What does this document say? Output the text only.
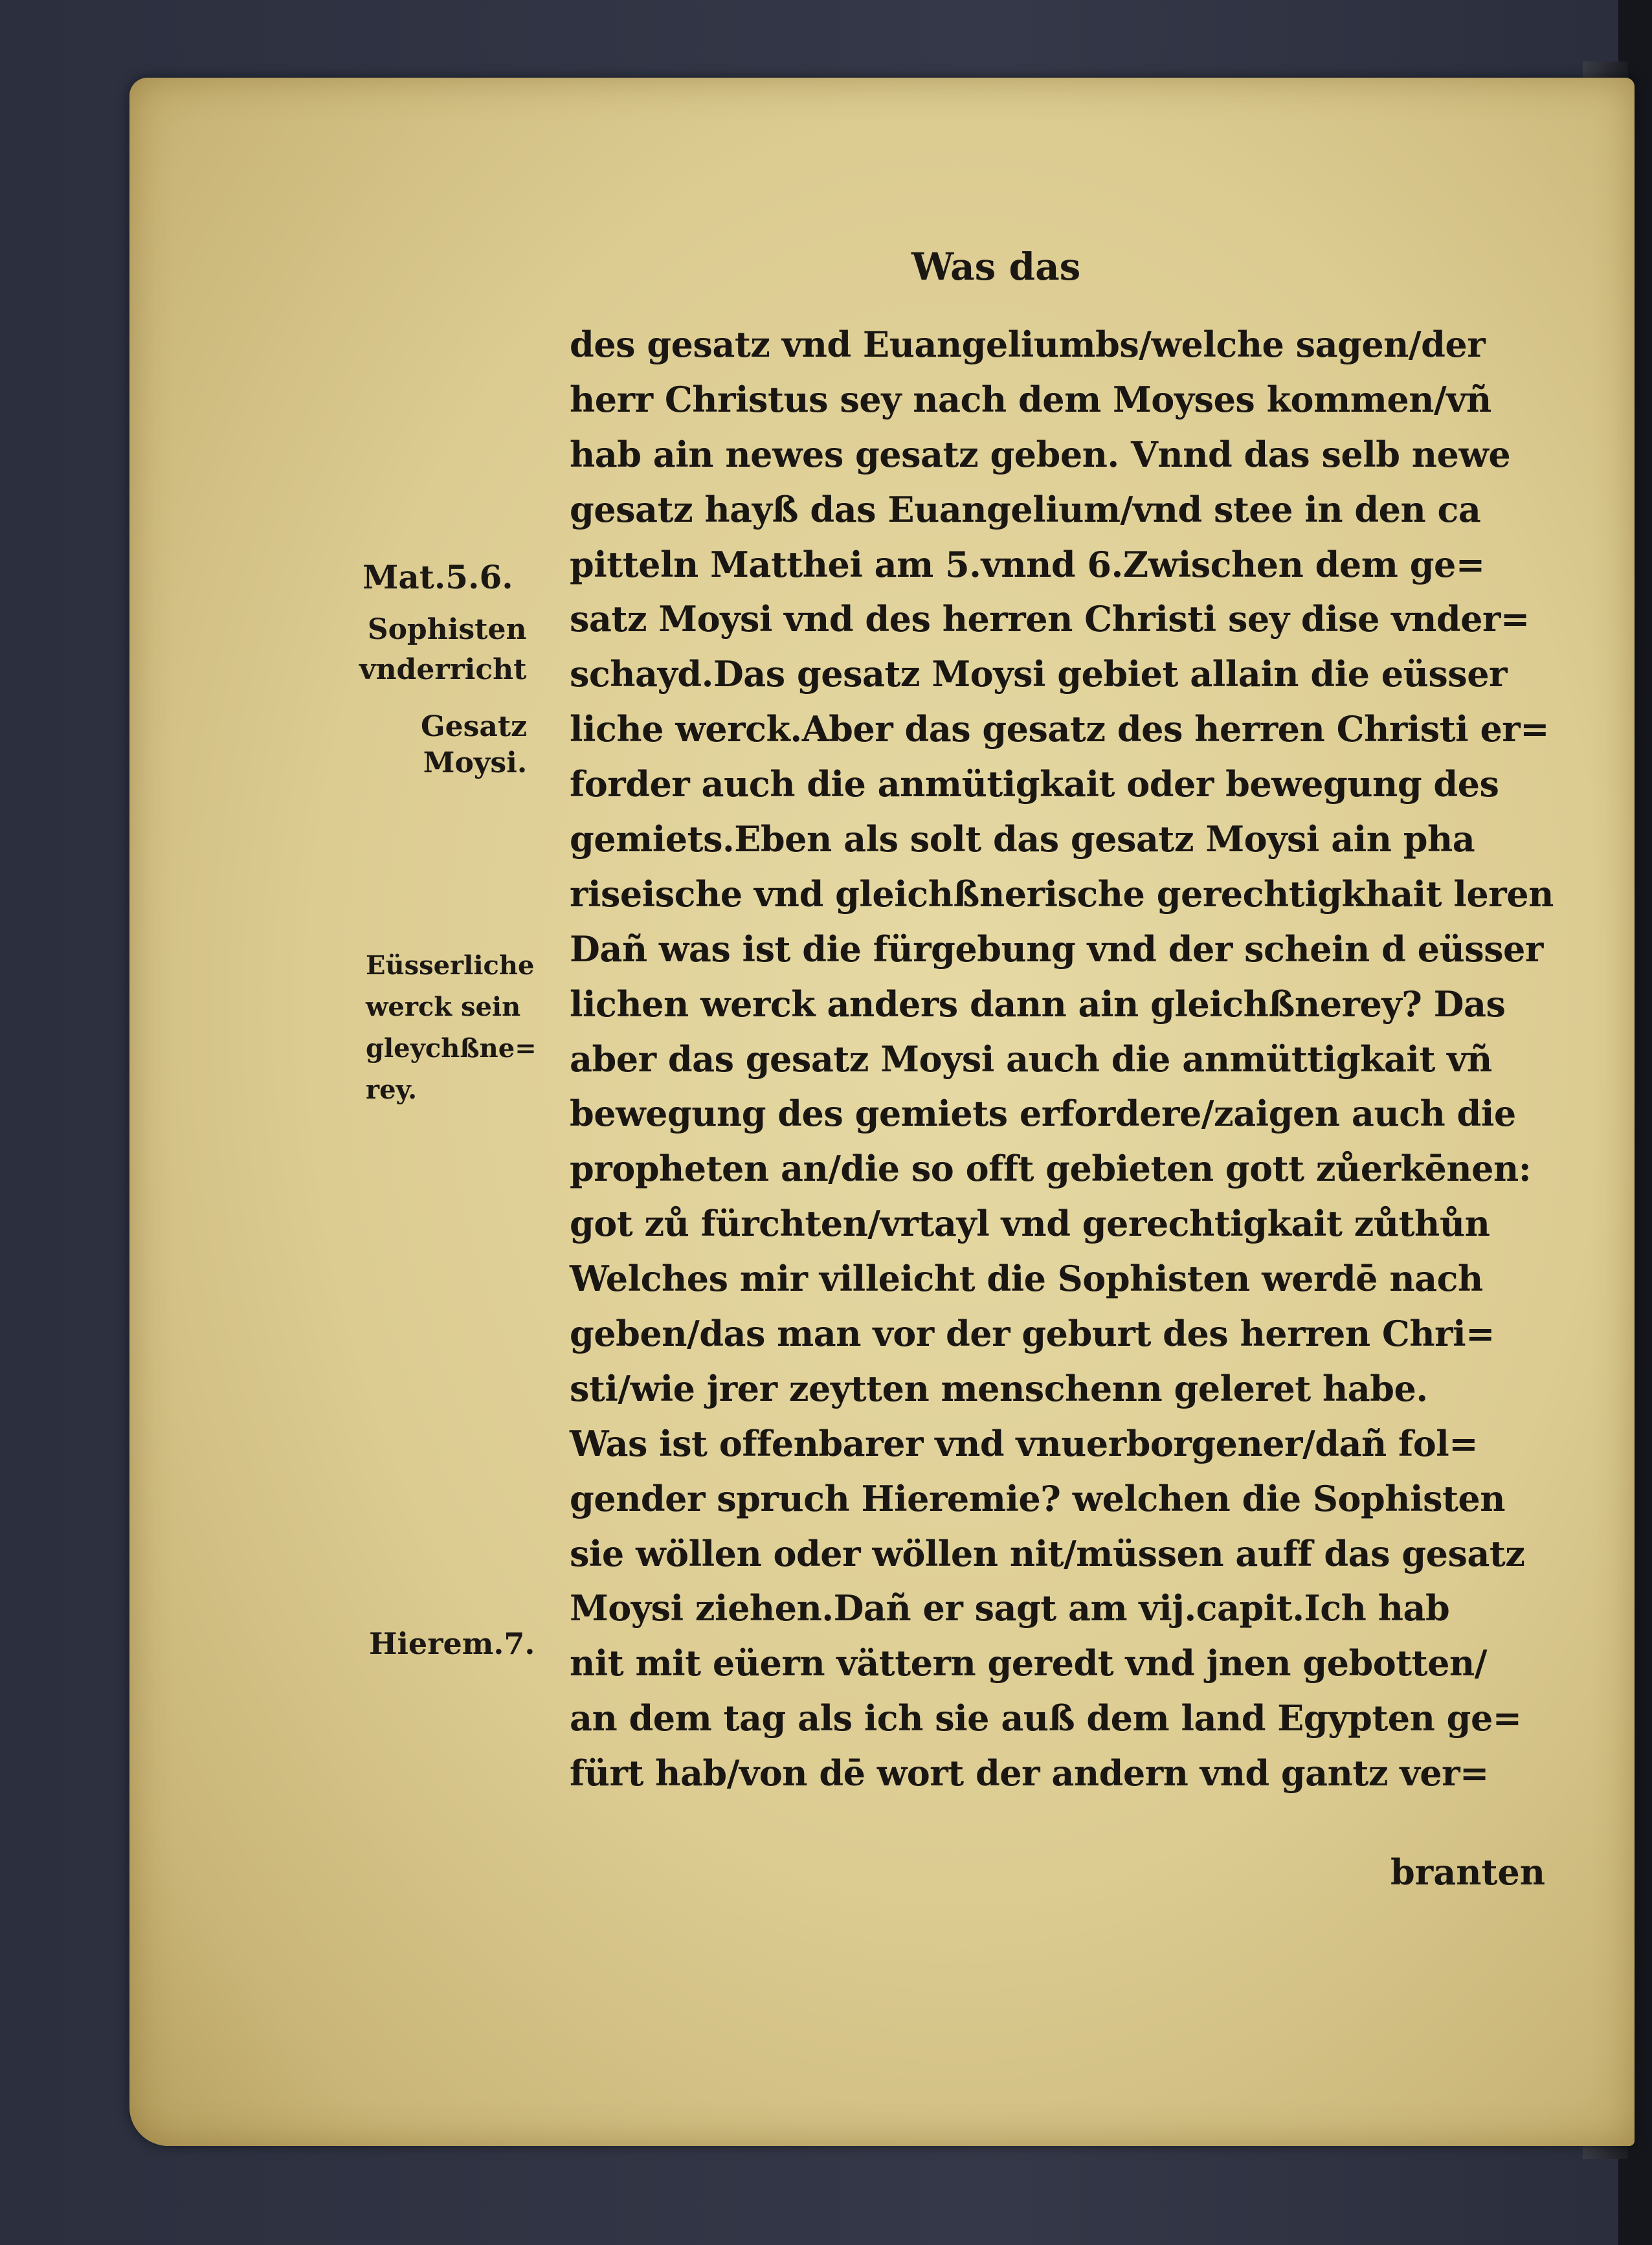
Was das
des gesatz vnd Euangeliumbs/welche sagen/der
herr Christus sey nach dem Moyses kommen/vñ
hab ain newes gesatz geben. Vnnd das selb newe
gesatz hayß das Euangelium/vnd stee in den ca
pitteln Matthei am 5.vnnd 6.Zwischen dem ge=
satz Moysi vnd des herren Christi sey dise vnder=
schayd.Das gesatz Moysi gebiet allain die eüsser
liche werck.Aber das gesatz des herren Christi er=
forder auch die anmütigkait oder bewegung des
gemiets.Eben als solt das gesatz Moysi ain pha
riseische vnd gleichßnerische gerechtigkhait leren
Dañ was ist die fürgebung vnd der schein d eüsser
lichen werck anders dann ain gleichßnerey? Das
aber das gesatz Moysi auch die anmüttigkait vñ
bewegung des gemiets erfordere/zaigen auch die
propheten an/die so offt gebieten gott zůerkēnen:
got zů fürchten/vrtayl vnd gerechtigkait zůthůn
Welches mir villeicht die Sophisten werdē nach
geben/das man vor der geburt des herren Chri=
sti/wie jrer zeytten menschenn geleret habe.
Was ist offenbarer vnd vnuerborgener/dañ fol=
gender spruch Hieremie? welchen die Sophisten
sie wöllen oder wöllen nit/müssen auff das gesatz
Moysi ziehen.Dañ er sagt am vij.capit.Ich hab
nit mit eüern vättern geredt vnd jnen gebotten/
an dem tag als ich sie auß dem land Egypten ge=
fürt hab/von dē wort der andern vnd gantz ver=
branten
Mat.5.6.
Sophisten
vnderricht
Gesatz
Moysi.
Eüsserliche
werck sein
gleychßne=
rey.
Hierem.7.
